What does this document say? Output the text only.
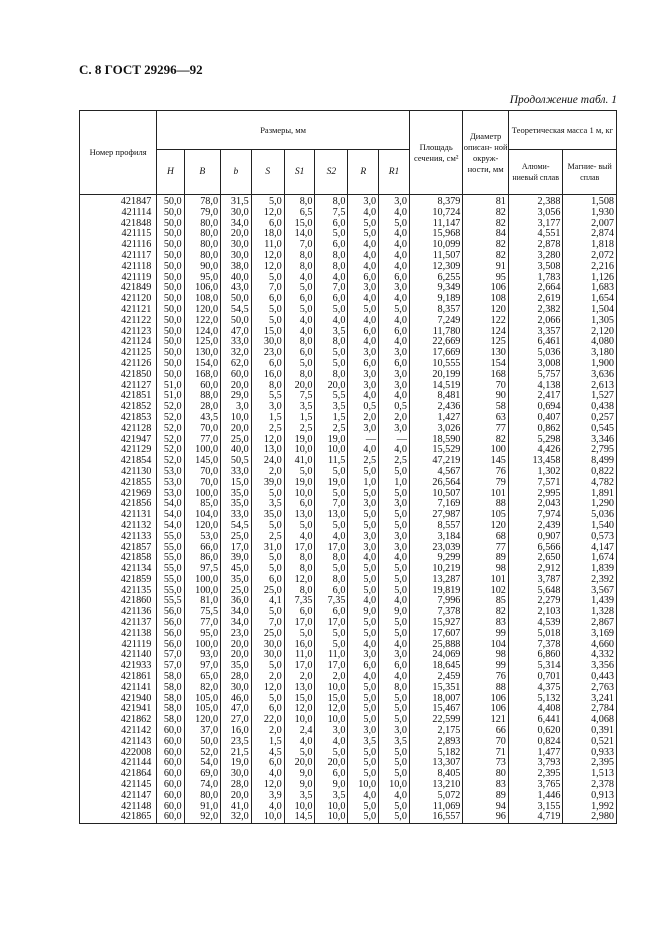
С. 8 ГОСТ 29296—92
Продолжение табл. 1
Номер профиля	Размеры, мм								Площадь сечения, см²	Диаметр описан- ной окруж- ности, мм	Теоретическая масса 1 м, кг	
	H	B	b	S	S1	S2	R	R1			Алюми- ниевый сплав	Магние- вый сплав
421847	50,0	78,0	31,5	5,0	8,0	8,0	3,0	3,0	8,379	81	2,388	1,508
421114	50,0	79,0	30,0	12,0	6,5	7,5	4,0	4,0	10,724	82	3,056	1,930
421848	50,0	80,0	34,0	6,0	15,0	6,0	5,0	5,0	11,147	82	3,177	2,007
421115	50,0	80,0	20,0	18,0	14,0	5,0	5,0	4,0	15,968	84	4,551	2,874
421116	50,0	80,0	30,0	11,0	7,0	6,0	4,0	4,0	10,099	82	2,878	1,818
421117	50,0	80,0	30,0	12,0	8,0	8,0	4,0	4,0	11,507	82	3,280	2,072
421118	50,0	90,0	38,0	12,0	8,0	8,0	4,0	4,0	12,309	91	3,508	2,216
421119	50,0	95,0	40,0	5,0	4,0	4,0	6,0	6,0	6,255	95	1,783	1,126
421849	50,0	106,0	43,0	7,0	5,0	7,0	3,0	3,0	9,349	106	2,664	1,683
421120	50,0	108,0	50,0	6,0	6,0	6,0	4,0	4,0	9,189	108	2,619	1,654
421121	50,0	120,0	54,5	5,0	5,0	5,0	5,0	5,0	8,357	120	2,382	1,504
421122	50,0	122,0	50,0	5,0	4,0	4,0	4,0	4,0	7,249	122	2,066	1,305
421123	50,0	124,0	47,0	15,0	4,0	3,5	6,0	6,0	11,780	124	3,357	2,120
421124	50,0	125,0	33,0	30,0	8,0	8,0	4,0	4,0	22,669	125	6,461	4,080
421125	50,0	130,0	32,0	23,0	6,0	5,0	3,0	3,0	17,669	130	5,036	3,180
421126	50,0	154,0	62,0	6,0	5,0	5,0	6,0	6,0	10,555	154	3,008	1,900
421850	50,0	168,0	60,0	16,0	8,0	8,0	3,0	3,0	20,199	168	5,757	3,636
421127	51,0	60,0	20,0	8,0	20,0	20,0	3,0	3,0	14,519	70	4,138	2,613
421851	51,0	88,0	29,0	5,5	7,5	5,5	4,0	4,0	8,481	90	2,417	1,527
421852	52,0	28,0	3,0	3,0	3,5	3,5	0,5	0,5	2,436	58	0,694	0,438
421853	52,0	43,5	10,0	1,5	1,5	1,5	2,0	2,0	1,427	63	0,407	0,257
421128	52,0	70,0	20,0	2,5	2,5	2,5	3,0	3,0	3,026	77	0,862	0,545
421947	52,0	77,0	25,0	12,0	19,0	19,0	—	—	18,590	82	5,298	3,346
421129	52,0	100,0	40,0	13,0	10,0	10,0	4,0	4,0	15,529	100	4,426	2,795
421854	52,0	145,0	50,5	24,0	41,0	11,5	2,5	2,5	47,219	145	13,458	8,499
421130	53,0	70,0	33,0	2,0	5,0	5,0	5,0	5,0	4,567	76	1,302	0,822
421855	53,0	70,0	15,0	39,0	19,0	19,0	1,0	1,0	26,564	79	7,571	4,782
421969	53,0	100,0	35,0	5,0	10,0	5,0	5,0	5,0	10,507	101	2,995	1,891
421856	54,0	85,0	35,0	3,5	6,0	7,0	3,0	3,0	7,169	88	2,043	1,290
421131	54,0	104,0	33,0	35,0	13,0	13,0	5,0	5,0	27,987	105	7,974	5,036
421132	54,0	120,0	54,5	5,0	5,0	5,0	5,0	5,0	8,557	120	2,439	1,540
421133	55,0	53,0	25,0	2,5	4,0	4,0	3,0	3,0	3,184	68	0,907	0,573
421857	55,0	66,0	17,0	31,0	17,0	17,0	3,0	3,0	23,039	77	6,566	4,147
421858	55,0	86,0	39,0	5,0	8,0	8,0	4,0	4,0	9,299	89	2,650	1,674
421134	55,0	97,5	45,0	5,0	8,0	5,0	5,0	5,0	10,219	98	2,912	1,839
421859	55,0	100,0	35,0	6,0	12,0	8,0	5,0	5,0	13,287	101	3,787	2,392
421135	55,0	100,0	25,0	25,0	8,0	6,0	5,0	5,0	19,819	102	5,648	3,567
421860	55,5	81,0	36,0	4,1	7,35	7,35	4,0	4,0	7,996	85	2,279	1,439
421136	56,0	75,5	34,0	5,0	6,0	6,0	9,0	9,0	7,378	82	2,103	1,328
421137	56,0	77,0	34,0	7,0	17,0	17,0	5,0	5,0	15,927	83	4,539	2,867
421138	56,0	95,0	23,0	25,0	5,0	5,0	5,0	5,0	17,607	99	5,018	3,169
421119	56,0	100,0	20,0	30,0	16,0	5,0	4,0	4,0	25,888	104	7,378	4,660
421140	57,0	93,0	20,0	30,0	11,0	11,0	3,0	3,0	24,069	98	6,860	4,332
421933	57,0	97,0	35,0	5,0	17,0	17,0	6,0	6,0	18,645	99	5,314	3,356
421861	58,0	65,0	28,0	2,0	2,0	2,0	4,0	4,0	2,459	76	0,701	0,443
421141	58,0	82,0	30,0	12,0	13,0	10,0	5,0	8,0	15,351	88	4,375	2,763
421940	58,0	105,0	46,0	5,0	15,0	15,0	5,0	5,0	18,007	106	5,132	3,241
421941	58,0	105,0	47,0	6,0	12,0	12,0	5,0	5,0	15,467	106	4,408	2,784
421862	58,0	120,0	27,0	22,0	10,0	10,0	5,0	5,0	22,599	121	6,441	4,068
421142	60,0	37,0	16,0	2,0	2,4	3,0	3,0	3,0	2,175	66	0,620	0,391
421143	60,0	50,0	23,5	1,5	4,0	4,0	3,5	3,5	2,893	70	0,824	0,521
422008	60,0	52,0	21,5	4,5	5,0	5,0	5,0	5,0	5,182	71	1,477	0,933
421144	60,0	54,0	19,0	6,0	20,0	20,0	5,0	5,0	13,307	73	3,793	2,395
421864	60,0	69,0	30,0	4,0	9,0	6,0	5,0	5,0	8,405	80	2,395	1,513
421145	60,0	74,0	28,0	12,0	9,0	9,0	10,0	10,0	13,210	83	3,765	2,378
421147	60,0	80,0	20,0	3,9	3,5	3,5	4,0	4,0	5,072	89	1,446	0,913
421148	60,0	91,0	41,0	4,0	10,0	10,0	5,0	5,0	11,069	94	3,155	1,992
421865	60,0	92,0	32,0	10,0	14,5	10,0	5,0	5,0	16,557	96	4,719	2,980
